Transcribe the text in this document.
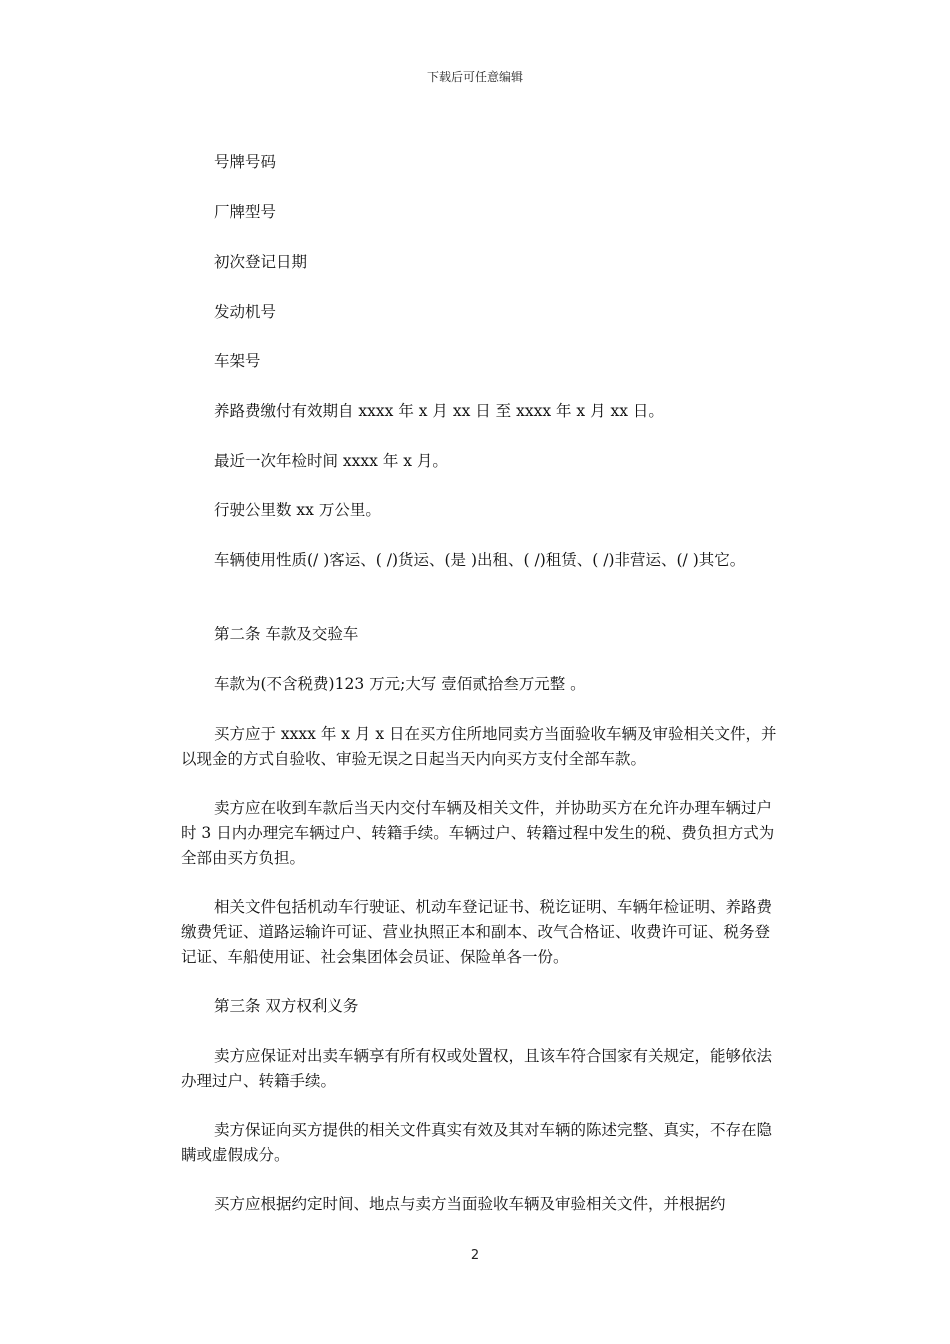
下载后可任意编辑

号牌号码

厂牌型号

初次登记日期

发动机号

车架号

养路费缴付有效期自 xxxx 年 x 月 xx 日 至 xxxx 年 x 月 xx 日。

最近一次年检时间 xxxx 年 x 月。

行驶公里数 xx 万公里。

车辆使用性质(/ )客运、( /)货运、(是 )出租、( /)租赁、( /)非营运、(/ )其它。

第二条 车款及交验车

车款为(不含税费)123 万元;大写 壹佰贰拾叁万元整 。

买方应于 xxxx 年 x 月 x 日在买方住所地同卖方当面验收车辆及审验相关文件，并以现金的方式自验收、审验无误之日起当天内向买方支付全部车款。

卖方应在收到车款后当天内交付车辆及相关文件，并协助买方在允许办理车辆过户时 3 日内办理完车辆过户、转籍手续。车辆过户、转籍过程中发生的税、费负担方式为 全部由买方负担。

相关文件包括机动车行驶证、机动车登记证书、税讫证明、车辆年检证明、养路费缴费凭证、道路运输许可证、营业执照正本和副本、改气合格证、收费许可证、税务登记证、车船使用证、社会集团体会员证、保险单各一份。

第三条 双方权利义务

卖方应保证对出卖车辆享有所有权或处置权，且该车符合国家有关规定，能够依法办理过户、转籍手续。

卖方保证向买方提供的相关文件真实有效及其对车辆的陈述完整、真实，不存在隐瞒或虚假成分。

买方应根据约定时间、地点与卖方当面验收车辆及审验相关文件，并根据约

2
